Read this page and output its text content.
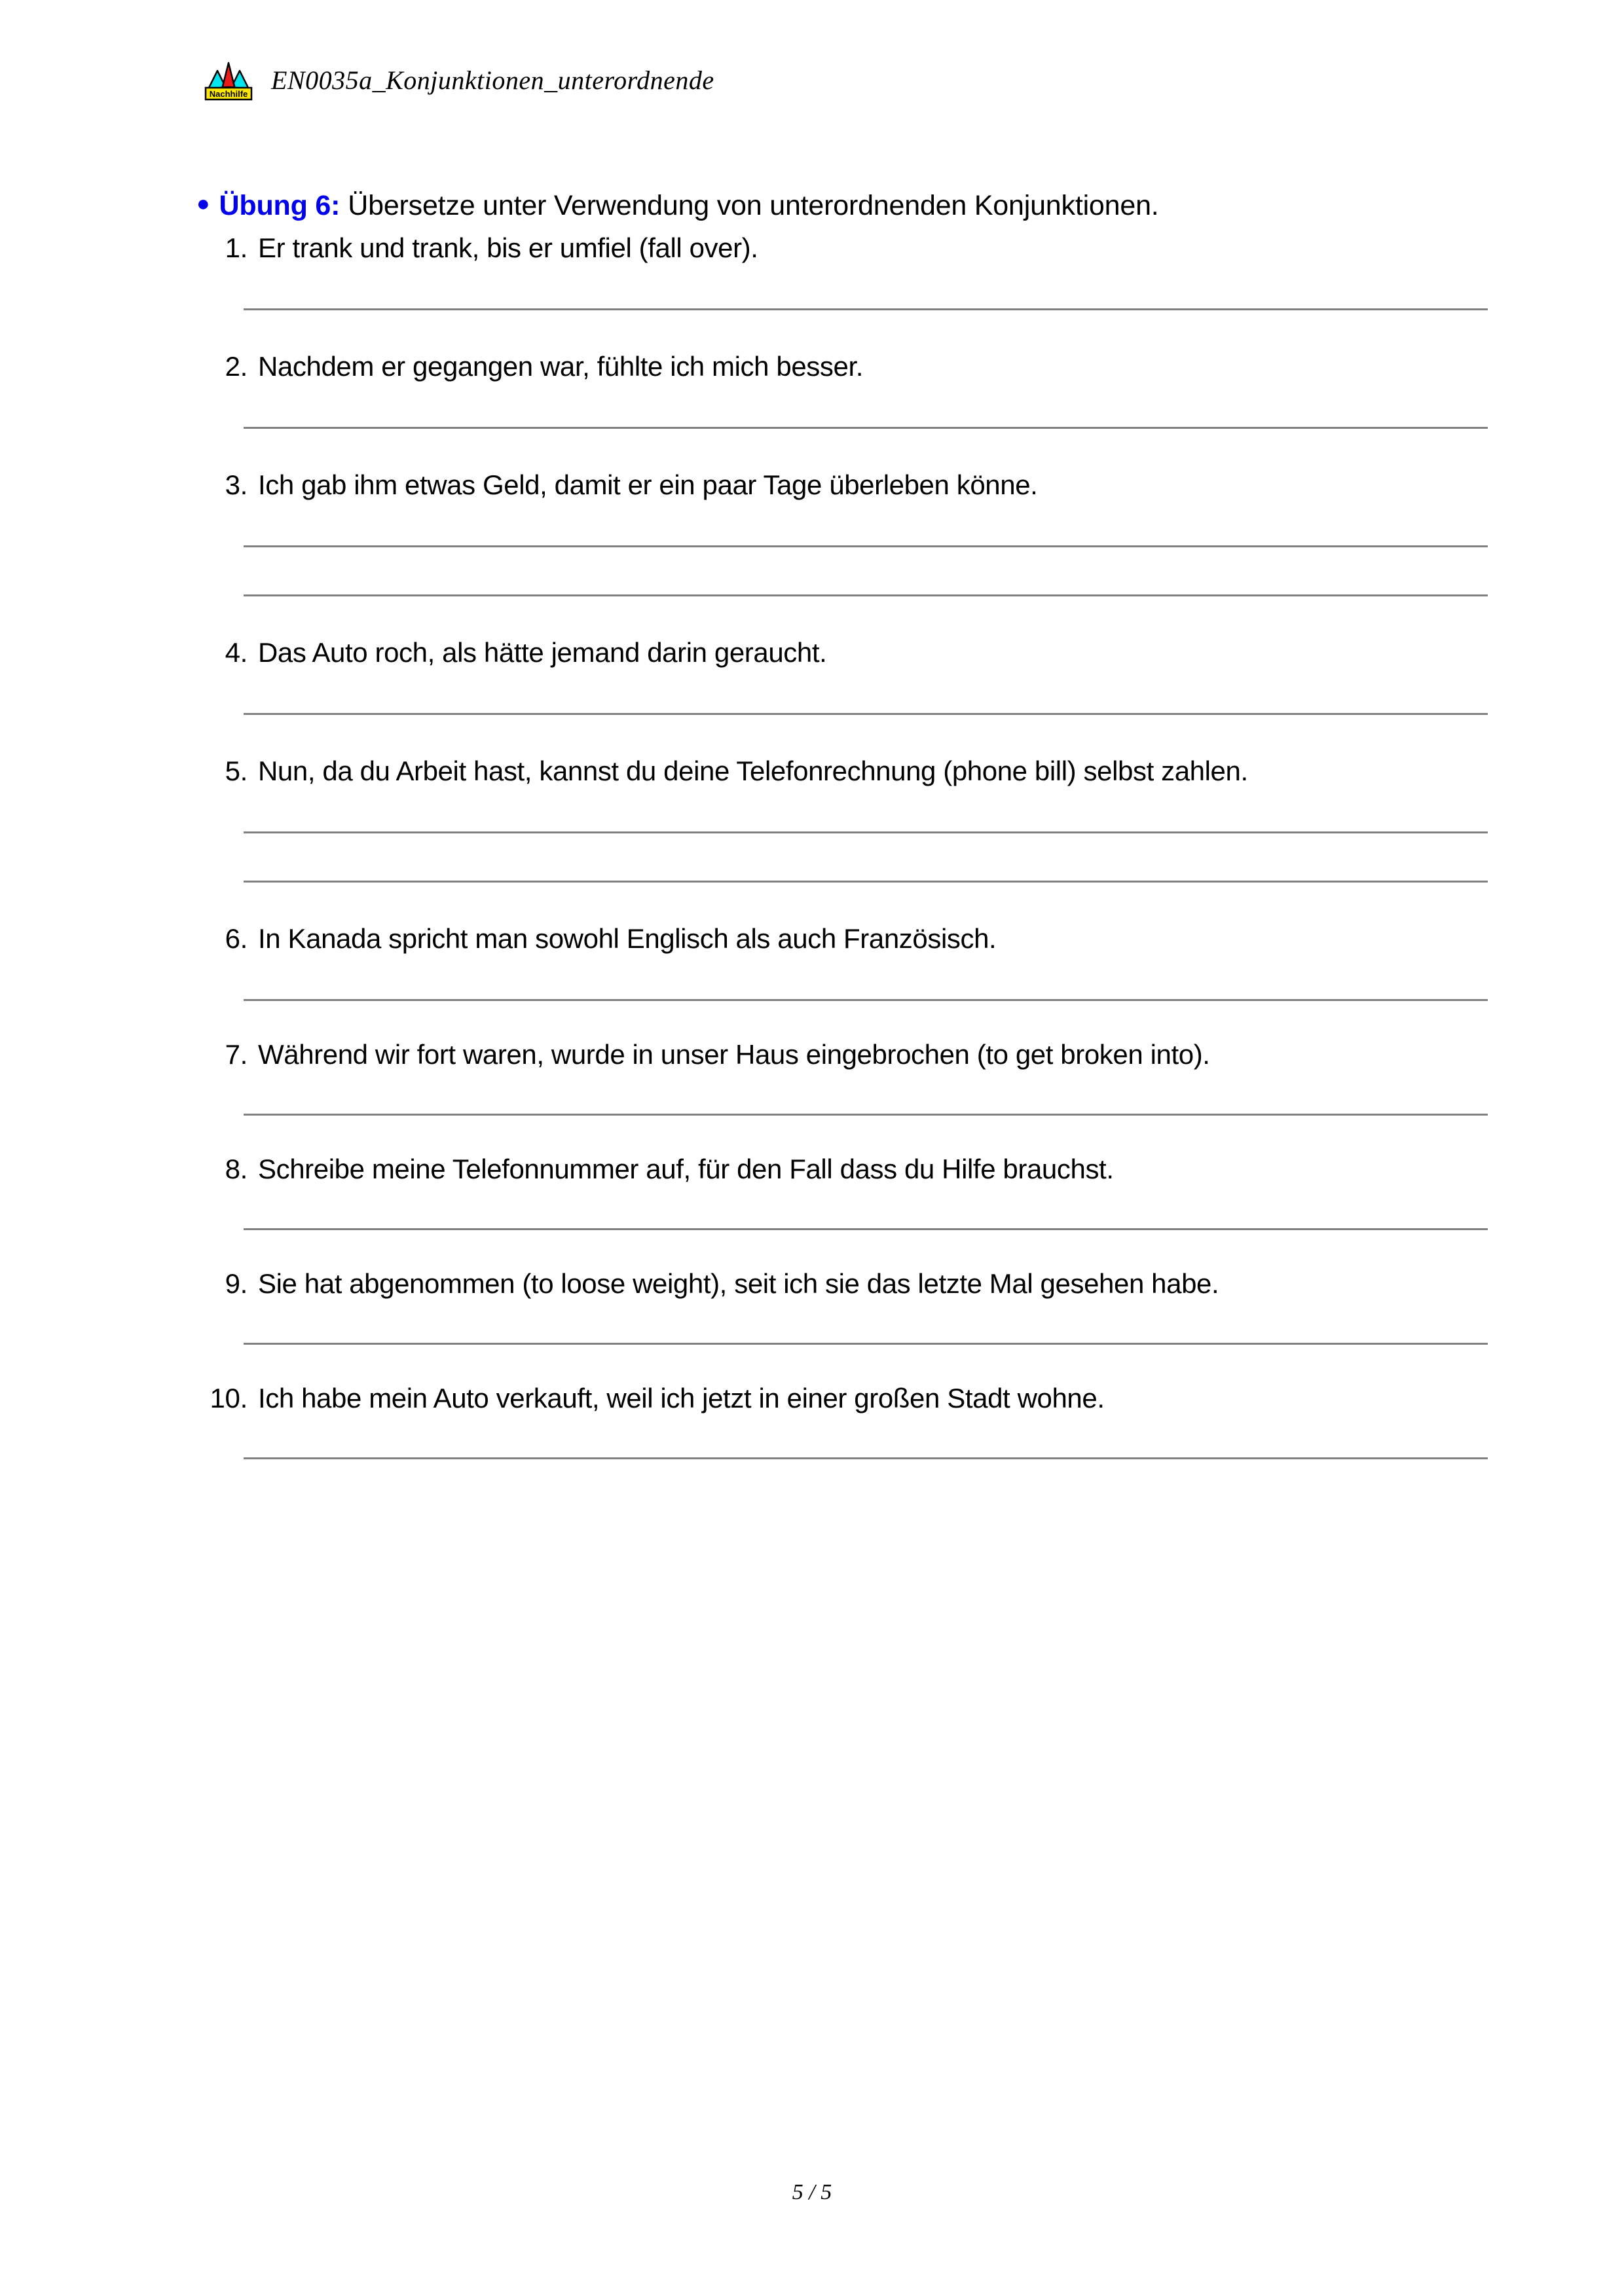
Nachhilfe EN0035a_Konjunktionen_unterordnende
● Übung 6: Übersetze unter Verwendung von unterordnenden Konjunktionen.
1. Er trank und trank, bis er umfiel (fall over).
2. Nachdem er gegangen war, fühlte ich mich besser.
3. Ich gab ihm etwas Geld, damit er ein paar Tage überleben könne.
4. Das Auto roch, als hätte jemand darin geraucht.
5. Nun, da du Arbeit hast, kannst du deine Telefonrechnung (phone bill) selbst zahlen.
6. In Kanada spricht man sowohl Englisch als auch Französisch.
7. Während wir fort waren, wurde in unser Haus eingebrochen (to get broken into).
8. Schreibe meine Telefonnummer auf, für den Fall dass du Hilfe brauchst.
9. Sie hat abgenommen (to loose weight), seit ich sie das letzte Mal gesehen habe.
10. Ich habe mein Auto verkauft, weil ich jetzt in einer großen Stadt wohne.
5 / 5
